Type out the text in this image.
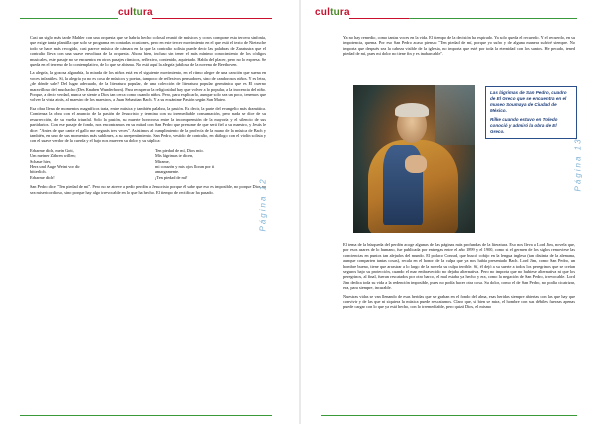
cultura

Casi un siglo más tarde Mahler con una orquesta que se habría hecho colosal reunió de músicos y coros compone esta tercera sinfonía, que exige tanta plantilla que solo se programa en contadas ocasiones, pero en este tercer movimiento en el que está el texto de Nietzsche todo se hace más recogido, casi parece música de cámara en la que la contralto solista puede decir las palabras de Zaratustra que el contralto lleva con una suave envoltura de la orquesta. Ahora bien, incluso sin tener el más mínimo conocimiento de los códigos musicales, este pasaje no se encuentra en otros pasajes rítmicos, reflexivo, contenido, aquietado. Habla del placer, pero no lo expresa. Se queda en el terreno de lo contemplativo, de lo que se abisma. No está aquí la alegría jubilosa de la novena de Beethoven.

La alegría, la gozosa algarabía, la mirada de los niños está en el siguiente movimiento, en el ritmo alegre de una canción que suena en voces infantiles. Sí, la alegría ya no es cosa de músicos y poetas, tampoco de reflexivos pensadores, sino de candorosos niños. Y es letra, ¿de dónde sale? Del lugar adecuado, de la literatura popular, de una colección de literatura popular germánica que es El cuerno maravilloso del muchacho (Des Knaben Wunderhorn). Para recuperar la religiosidad hay que volver a lo popular, a la inocencia del niño. Porque, a decir verdad, nunca se siente a Dios tan cerca como cuando niños. Pero, para explicarlo, aunque solo sea un poco, tenemos que volver la vista atrás, al maestro de los maestros, a Juan Sebastian Bach. Y a su ecuánime Pasión según San Mateo.

Esa obra llena de momentos magníficos trata, entre música y también palabra, la pasión. Es decir, la parte del evangelio más dramática. Comienza la obra con el anuncio de la pasión de Jesucristo y termina con su irremediable consumación, pero nada se dice de su resurrección, de su vuelta triunfal. Solo la pasión, su muerte horrorosa entre la incomprensión de la mayoría y el silencio de sus partidarios. Con ese pasaje de fondo, nos encontramos en su mitad con San Pedro que presume de que será fiel a su maestro, y Jesús le dice: "Antes de que cante el gallo me negarás tres veces". Asistimos al cumplimiento de la profecía de la mano de la música de Bach y también, en uno de sus momentos más sublimes, a su arrepentimiento. San Pedro, vestido de contralto, en diálogo con el violín solista y con el suave verdor de la cuerda y el bajo nos mueven su dolor y su súplica:

Erbarme dich, mein Gott,
Um meiner Zähren willen;
Schaue hier,
Herz und Auge Weint vor dir
bitterlich.
Erbarme dich!
Ten piedad de mí, Dios mío.
Mis lágrimas te dicen,
Mírame,
mi corazón y mis ojos lloran por ti
amargamente.
¡Ten piedad de mí!

San Pedro dice "Ten piedad de mí". Pero no se atreve a pedir perdón a Jesucristo porque él sabe que eso es imposible, no porque Dios no sea misericordioso, sino porque hay algo irrevocable en lo que ha hecho. El tiempo de rectificar ha pasado.	Página 12
cultura

Ya no hay remedio, como tantas voces en la vida. El tiempo de la decisión ha expirado. Ya solo queda el recuerdo. Y el recuerdo, en su impotencia, quema. Por eso San Pedro acaso piensa: "Ten piedad de mí, porque yo sufro y de alguna manera sufriré siempre. No importa que después sea la cabeza visible de la iglesia, no importa que esté por toda la eternidad con los santos. He pecado, tened piedad de mí, pues mi dolor no tiene fin y es inabarcable".

Las lágrimas de San Pedro, cuadro de El Greco que se encuentra en el museo Soumaya de Ciudad de México.

Rilke cuando estuvo en Toledo conoció y admiró la obra de El Greco.

El tema de la búsqueda del perdón acoge algunas de las páginas más profundas de la literatura. Eso nos lleva a Lord Jim, novela que, por esos azares de lo humano, fue publicada por entregas entre el año 1899 y el 1900, como si el germen de los siglos removiese las conciencias en puntos tan alejados del mundo. El polaco Conrad, que buscó cobijo en la lengua inglesa (tan distinta de la alemana, aunque comparten tantas cosas), recala en el honor de la culpa que ya nos había presentado Bach. Lord Jim, como San Pedro, un hombre bueno, tiene que arrastrar a lo largo de la novela su culpa terrible. Sí, él dejó a su suerte a todos los peregrinos que se creían seguros bajo su protección, cuando el mar embravecido no dejaba alternativa. Pero no importa que no hubiese alternativa ni que los peregrinos, al final, fueran rescatados por otro barco, el mal estaba ya hecho y era, como la negación de San Pedro, irrevocable. Lord Jim dedica toda su vida a la redención imposible, pues no podía hacer otra cosa. Su dolor, como el de San Pedro, no podía cicatrizar, era, para siempre, incurable.

Nuestras vidas se van llenando de esas heridas que se graban en el fondo del alma, esas heridas siempre abiertas con las que hay que convivir y de las que ni siquiera la música puede rescatarnos. Claro que, si bien se mira, el hombre con sus débiles fuerzas apenas puede cargar con lo que ya está hecho, con lo irremediable, pero quizá Dios, el mismo

Página 13
